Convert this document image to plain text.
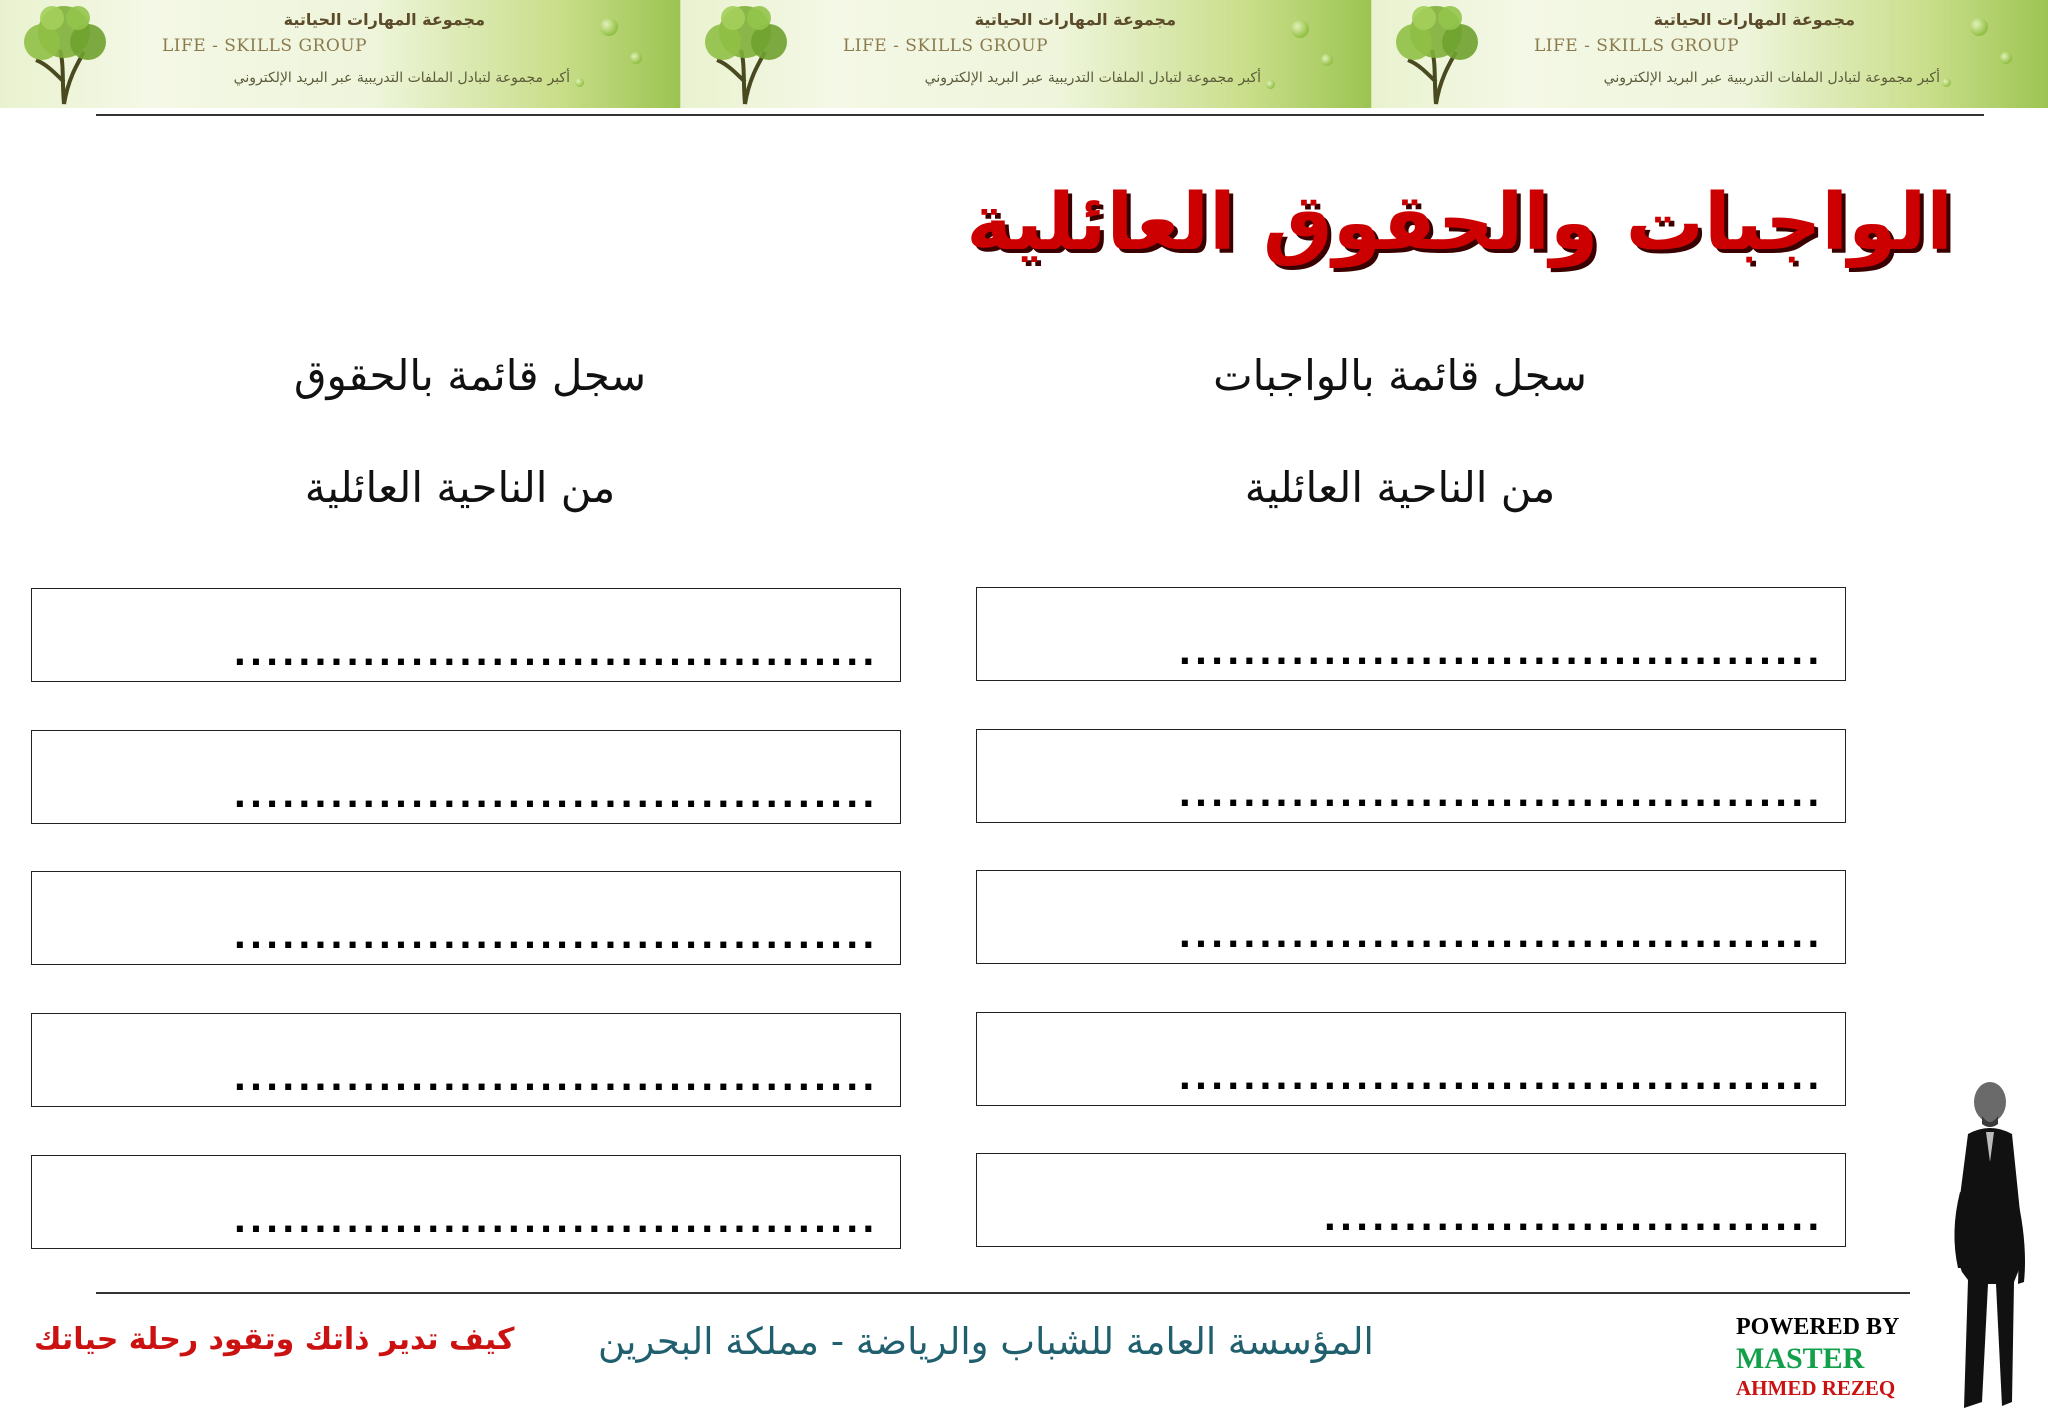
مجموعة المهارات الحياتية
LIFE - SKILLS GROUP
أكبر مجموعة لتبادل الملفات التدريبية عبر البريد الإلكتروني
مجموعة المهارات الحياتية
LIFE - SKILLS GROUP
أكبر مجموعة لتبادل الملفات التدريبية عبر البريد الإلكتروني
مجموعة المهارات الحياتية
LIFE - SKILLS GROUP
أكبر مجموعة لتبادل الملفات التدريبية عبر البريد الإلكتروني
الواجبات والحقوق العائلية
سجل قائمة بالواجبات
من الناحية العائلية
........................................
........................................
........................................
........................................
...............................
سجل قائمة بالحقوق
من الناحية العائلية
........................................
........................................
........................................
........................................
........................................
كيف تدير ذاتك وتقود رحلة حياتك المؤسسة العامة للشباب والرياضة - مملكة البحرين	POWERED BY
MASTER
AHMED REZEQ
